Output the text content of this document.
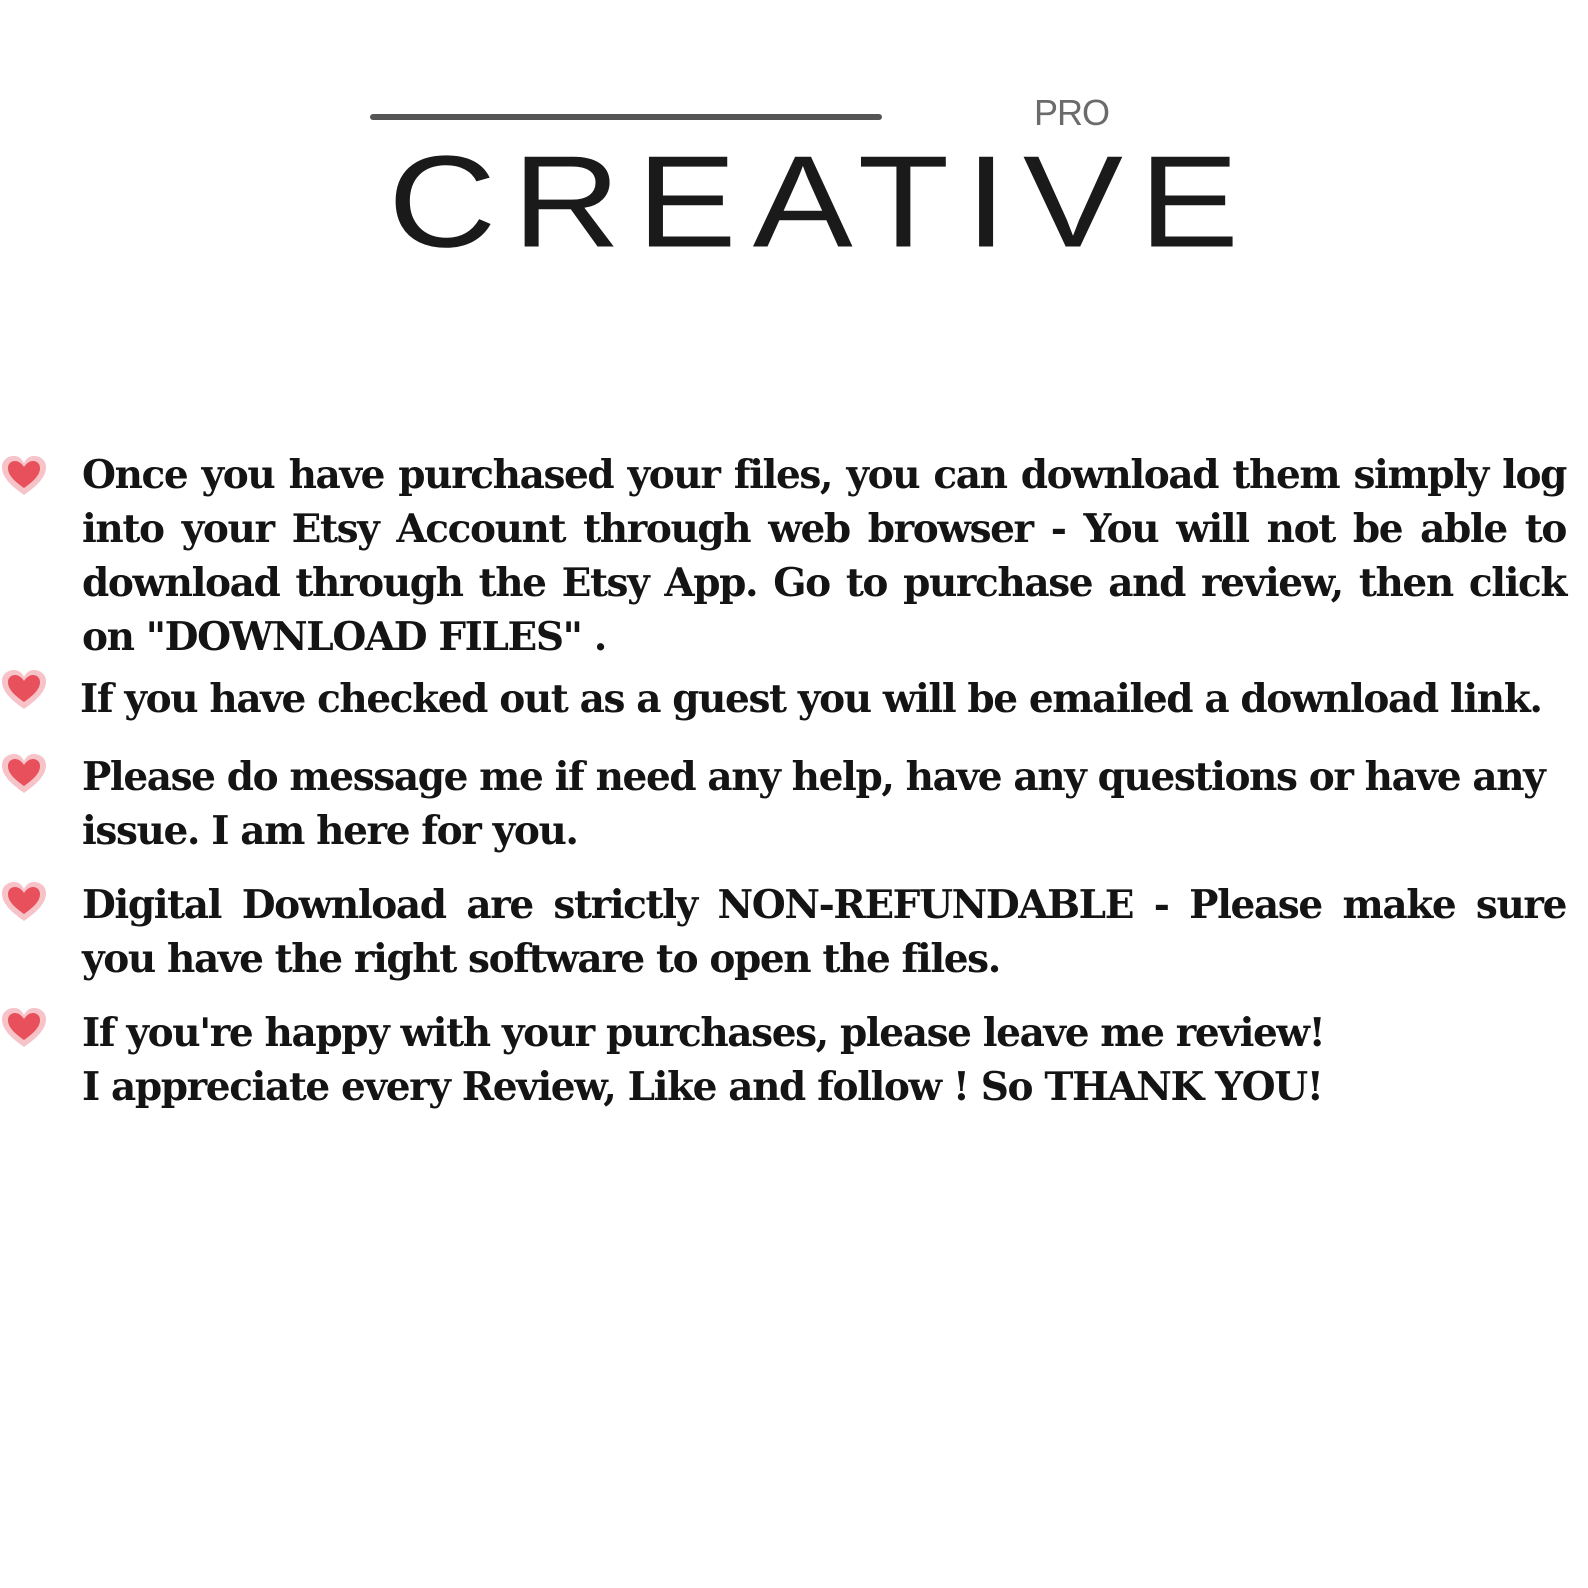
PRO
CREATIVE
Once you have purchased your files, you can download them simply log into your Etsy Account through web browser - You will not be able to download through the Etsy App. Go to purchase and review, then click on "DOWNLOAD FILES" .
If you have checked out as a guest you will be emailed a download link.
Please do message me if need any help, have any questions or have any issue. I am here for you.
Digital Download are strictly NON-REFUNDABLE - Please make sure you have the right software to open the files.
If you're happy with your purchases, please leave me review!
I appreciate every Review, Like and follow ! So THANK YOU!
